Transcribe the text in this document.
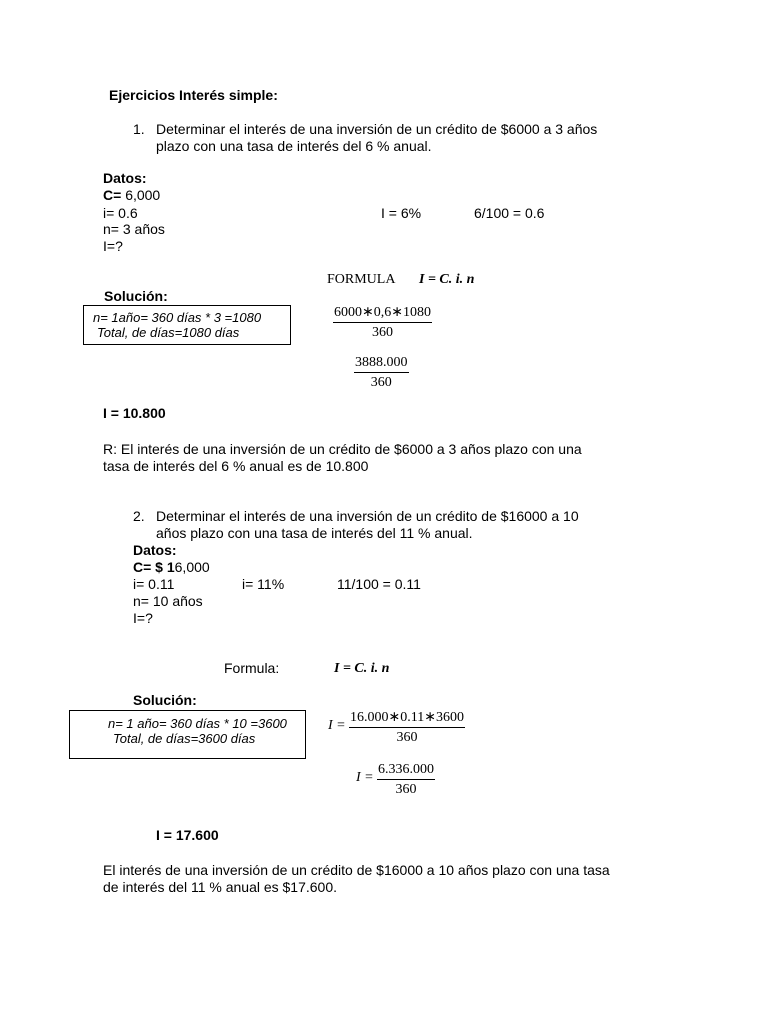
Ejercicios Interés simple:
1. Determinar el interés de una inversión de un crédito de $6000 a 3 años
plazo con una tasa de interés del 6 % anual.
Datos:
C= 6,000
i= 0.6	I = 6%	6/100 = 0.6
n= 3 años
I=?
FORMULA I = C. i. n
Solución:
n= 1año= 360 días * 3 =1080
Total, de días=1080 días	$\frac{6000∗0,6∗1080}{360}$
$\frac{3888.000}{360}$
I = 10.800
R: El interés de una inversión de un crédito de $6000 a 3 años plazo con una
tasa de interés del 6 % anual es de 10.800
2. Determinar el interés de una inversión de un crédito de $16000 a 10
años plazo con una tasa de interés del 11 % anual.
Datos:
C= $ 16,000
i= 0.11	i= 11%	11/100 = 0.11
n= 10 años
I=?
Formula:	I = C. i. n
Solución:
n= 1 año= 360 días * 10 =3600
Total, de días=3600 días
$I = \frac{16.000∗0.11∗3600}{360}$
$I = \frac{6.336.000}{360}$
I = 17.600
El interés de una inversión de un crédito de $16000 a 10 años plazo con una tasa
de interés del 11 % anual es $17.600.
